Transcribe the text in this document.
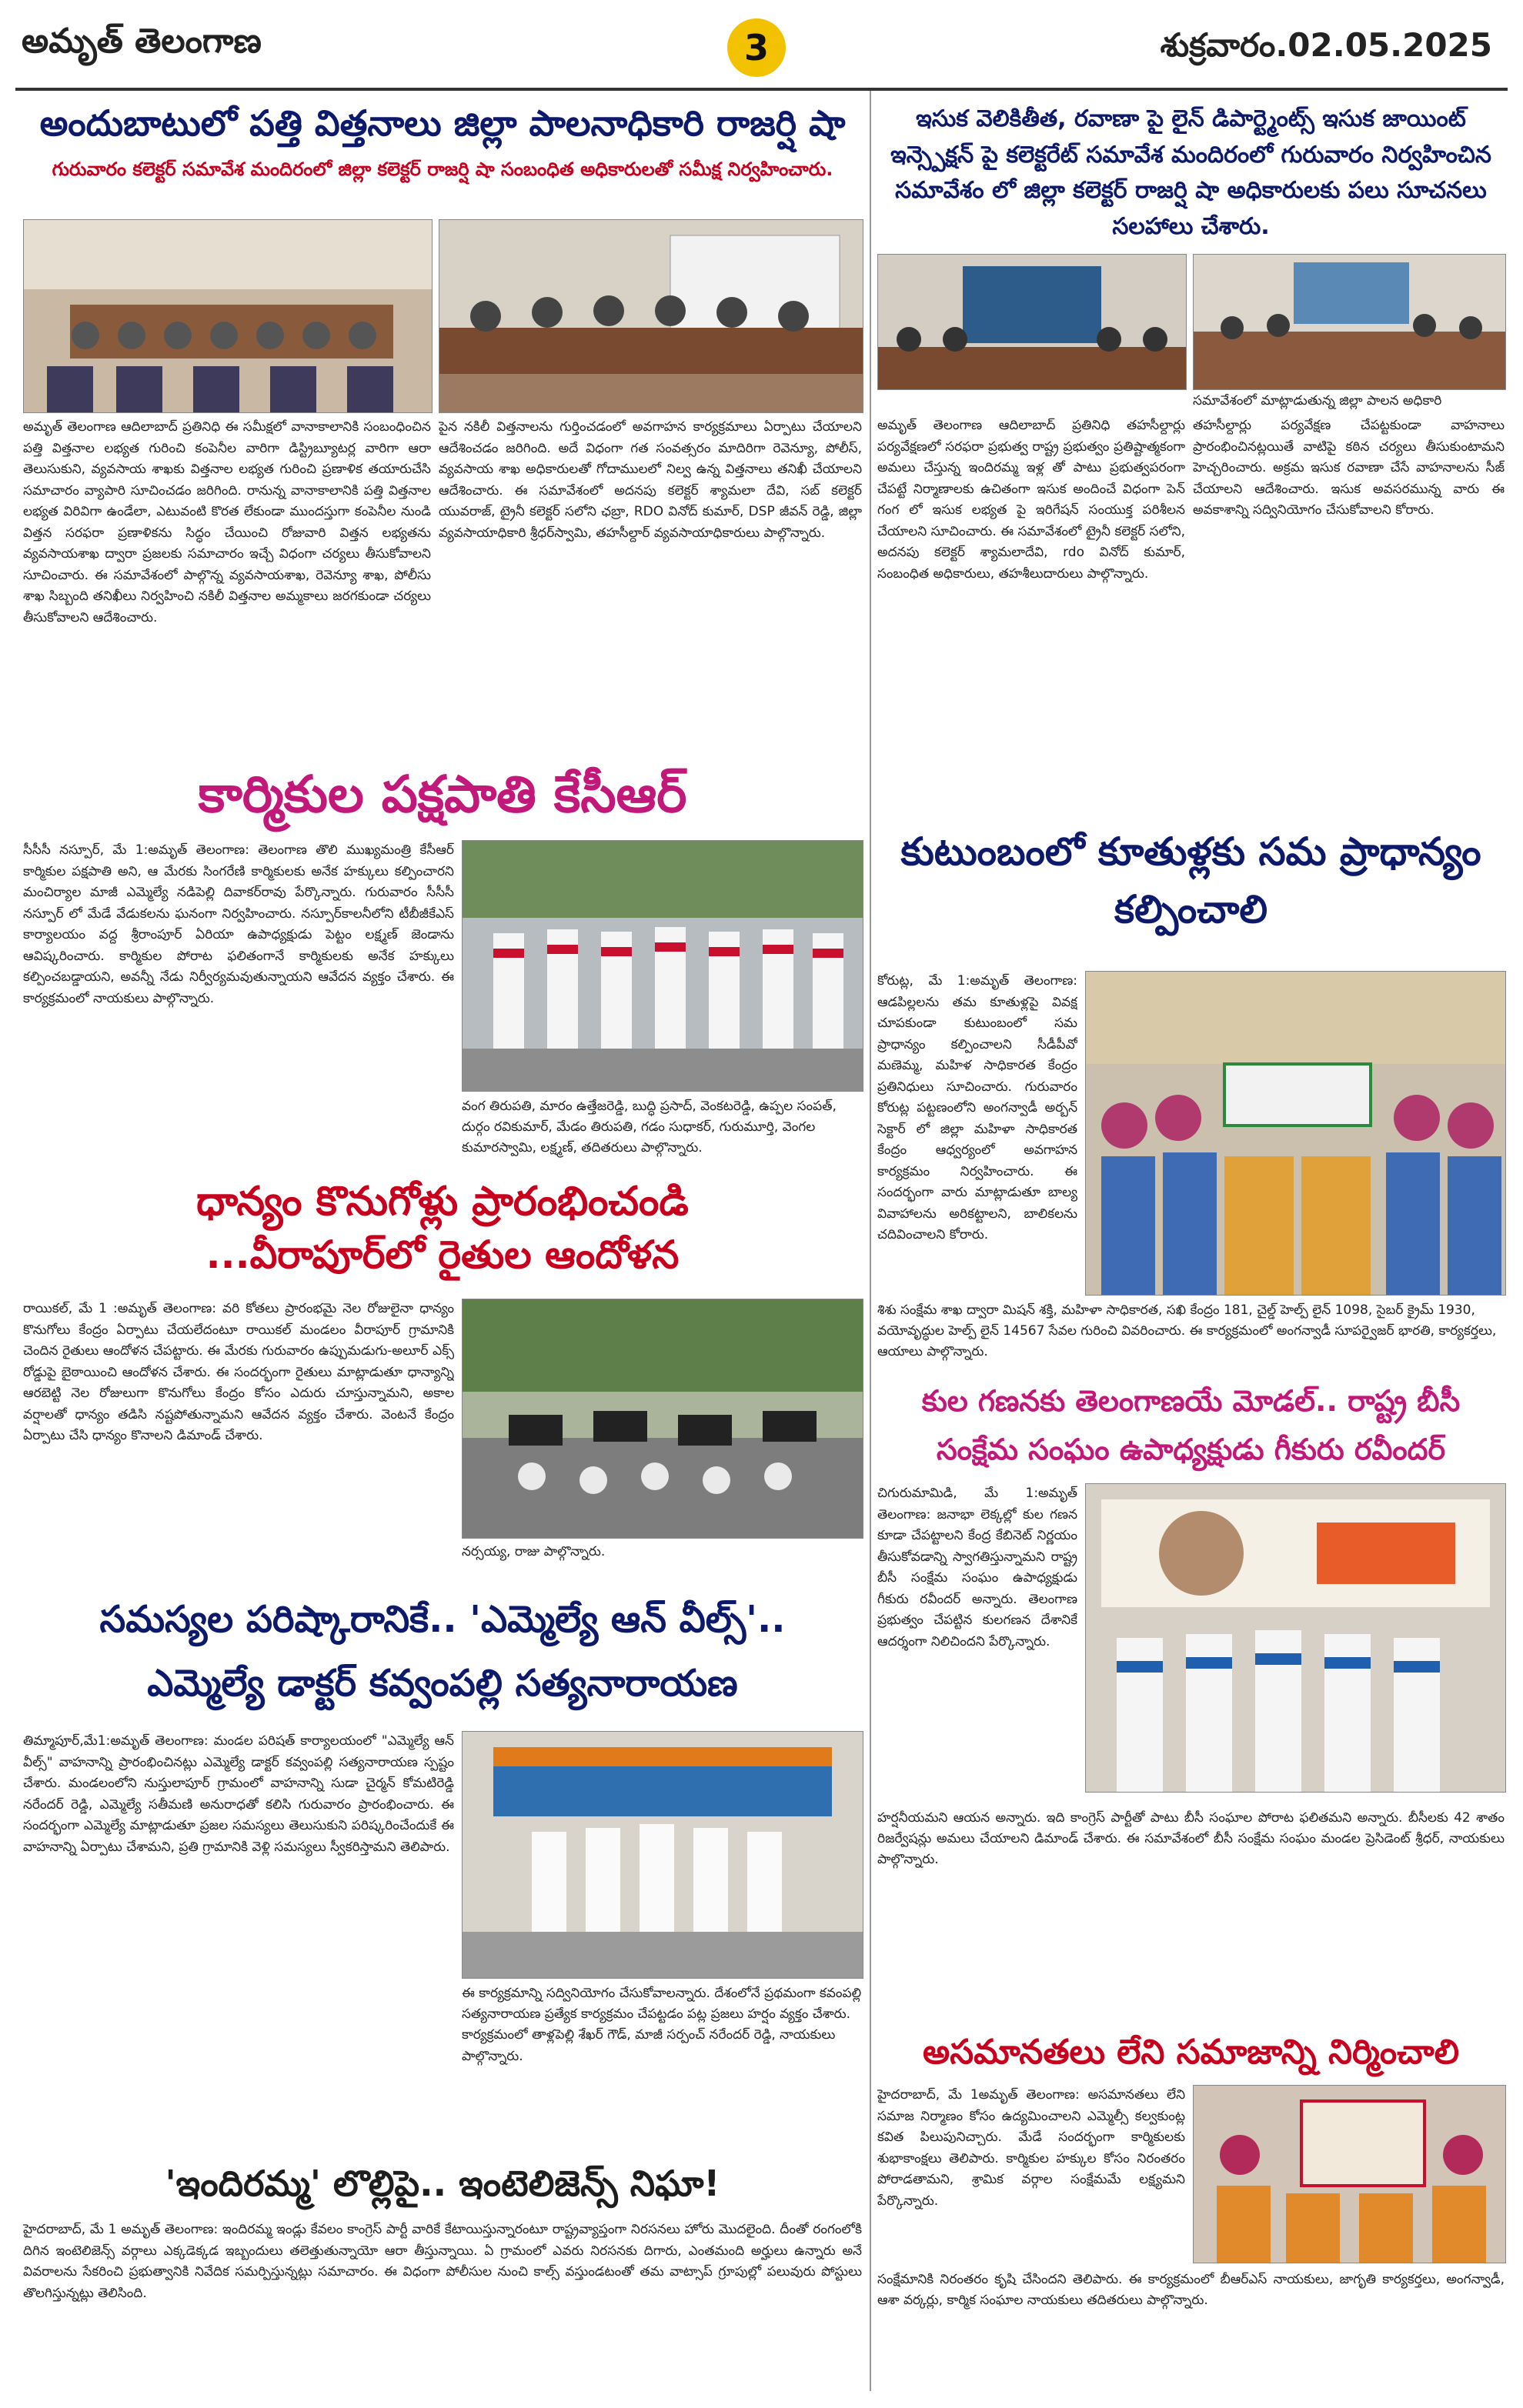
అమృత్ తెలంగాణ	3	శుక్రవారం.02.05.2025
అందుబాటులో పత్తి విత్తనాలు జిల్లా పాలనాధికారి రాజర్షి షా
గురువారం కలెక్టర్ సమావేశ మందిరంలో జిల్లా కలెక్టర్ రాజర్షి షా సంబంధిత అధికారులతో సమీక్ష నిర్వహించారు.
అమృత్ తెలంగాణ ఆదిలాబాద్ ప్రతినిధి ఈ సమీక్షలో వానాకాలానికి సంబంధించిన పత్తి విత్తనాల లభ్యత గురించి కంపెనీల వారిగా డిస్ట్రిబ్యూటర్ల వారిగా ఆరా తెలుసుకుని, వ్యవసాయ శాఖకు విత్తనాల లభ్యత గురించి ప్రణాళిక తయారుచేసి సమాచారం వ్యాపారి సూచించడం జరిగింది. రానున్న వానాకాలానికి పత్తి విత్తనాల లభ్యత విరివిగా ఉండేలా, ఎటువంటి కొరత లేకుండా ముందస్తుగా కంపెనీల నుండి విత్తన సరఫరా ప్రణాళికను సిద్ధం చేయించి రోజువారి విత్తన లభ్యతను వ్యవసాయశాఖ ద్వారా ప్రజలకు సమాచారం ఇచ్చే విధంగా చర్యలు తీసుకోవాలని సూచించారు. ఈ సమావేశంలో పాల్గొన్న వ్యవసాయశాఖ, రెవెన్యూ శాఖ, పోలీసు శాఖ సిబ్బంది తనిఖీలు నిర్వహించి నకిలీ విత్తనాల అమ్మకాలు జరగకుండా చర్యలు తీసుకోవాలని ఆదేశించారు.
పైన నకిలీ విత్తనాలను గుర్తించడంలో అవగాహన కార్యక్రమాలు ఏర్పాటు చేయాలని ఆదేశించడం జరిగింది. అదే విధంగా గత సంవత్సరం మాదిరిగా రెవెన్యూ, పోలీస్, వ్యవసాయ శాఖ అధికారులతో గోదాములలో నిల్వ ఉన్న విత్తనాలు తనిఖీ చేయాలని ఆదేశించారు. ఈ సమావేశంలో అదనపు కలెక్టర్ శ్యామలా దేవి, సబ్ కలెక్టర్ యువరాజ్, ట్రైనీ కలెక్టర్ సలోని ఛబ్రా, RDO వినోద్ కుమార్, DSP జీవన్ రెడ్డి, జిల్లా వ్యవసాయాధికారి శ్రీధర్‌స్వామి, తహసీల్దార్ వ్యవసాయాధికారులు పాల్గొన్నారు.
ఇసుక వెలికితీత, రవాణా పై లైన్ డిపార్ట్మెంట్స్ ఇసుక జాయింట్ ఇన్స్పెక్షన్ పై కలెక్టరేట్ సమావేశ మందిరంలో గురువారం నిర్వహించిన సమావేశం లో జిల్లా కలెక్టర్ రాజర్షి షా అధికారులకు పలు సూచనలు సలహాలు చేశారు.
సమావేశంలో మాట్లాడుతున్న జిల్లా పాలన అధికారి
అమృత్ తెలంగాణ ఆదిలాబాద్ ప్రతినిధి తహసీల్దార్లు పర్యవేక్షణలో సరఫరా ప్రభుత్వ రాష్ట్ర ప్రభుత్వం ప్రతిష్టాత్మకంగా అమలు చేస్తున్న ఇందిరమ్మ ఇళ్ల తో పాటు ప్రభుత్వపరంగా చేపట్టే నిర్మాణాలకు ఉచితంగా ఇసుక అందించే విధంగా పెన్ గంగ లో ఇసుక లభ్యత పై ఇరిగేషన్ సంయుక్త పరిశీలన చేయాలని సూచించారు. ఈ సమావేశంలో ట్రైనీ కలెక్టర్ సలోని, అదనపు కలెక్టర్ శ్యామలాదేవి, rdo వినోద్ కుమార్, సంబంధిత అధికారులు, తహశీలుదారులు పాల్గొన్నారు.
తహసీల్దార్లు పర్యవేక్షణ చేపట్టకుండా వాహనాలు ప్రారంభించినట్లయితే వాటిపై కఠిన చర్యలు తీసుకుంటామని హెచ్చరించారు. అక్రమ ఇసుక రవాణా చేసే వాహనాలను సీజ్ చేయాలని ఆదేశించారు. ఇసుక అవసరమున్న వారు ఈ అవకాశాన్ని సద్వినియోగం చేసుకోవాలని కోరారు.
కార్మికుల పక్షపాతి కేసీఆర్
సీసీసీ నస్పూర్, మే 1:అమృత్ తెలంగాణ: తెలంగాణ తొలి ముఖ్యమంత్రి కేసీఆర్ కార్మికుల పక్షపాతి అని, ఆ మేరకు సింగరేణి కార్మికులకు అనేక హక్కులు కల్పించారని మంచిర్యాల మాజీ ఎమ్మెల్యే నడిపెల్లి దివాకర్‌రావు పేర్కొన్నారు. గురువారం సీసీసీ నస్పూర్ లో మేడే వేడుకలను ఘనంగా నిర్వహించారు. నస్పూర్‌కాలనీలోని టీబీజీకేఎస్ కార్యాలయం వద్ద శ్రీరాంపూర్ ఏరియా ఉపాధ్యక్షుడు పెట్టం లక్ష్మణ్ జెండాను ఆవిష్కరించారు. కార్మికుల పోరాట ఫలితంగానే కార్మికులకు అనేక హక్కులు కల్పించబడ్డాయని, అవన్నీ నేడు నిర్వీర్యమవుతున్నాయని ఆవేదన వ్యక్తం చేశారు. ఈ కార్యక్రమంలో నాయకులు పాల్గొన్నారు.
వంగ తిరుపతి, మారం ఉత్తేజరెడ్డి, బుద్ధి ప్రసాద్, వెంకటరెడ్డి, ఉప్పల సంపత్, దుర్గం రవికుమార్, మేడం తిరుపతి, గడం సుధాకర్, గురుమూర్తి, వెంగల కుమారస్వామి, లక్ష్మణ్, తదితరులు పాల్గొన్నారు.
ధాన్యం కొనుగోళ్లు ప్రారంభించండి
...వీరాపూర్‌లో రైతుల ఆందోళన
రాయికల్, మే 1 :అమృత్ తెలంగాణ: వరి కోతలు ప్రారంభమై నెల రోజులైనా ధాన్యం కొనుగోలు కేంద్రం ఏర్పాటు చేయలేదంటూ రాయికల్ మండలం వీరాపూర్ గ్రామానికి చెందిన రైతులు ఆందోళన చేపట్టారు. ఈ మేరకు గురువారం ఉప్పుమడుగు-అలూర్ ఎక్స్ రోడ్డుపై బైఠాయించి ఆందోళన చేశారు. ఈ సందర్భంగా రైతులు మాట్లాడుతూ ధాన్యాన్ని ఆరబెట్టి నెల రోజులుగా కొనుగోలు కేంద్రం కోసం ఎదురు చూస్తున్నామని, అకాల వర్షాలతో ధాన్యం తడిసి నష్టపోతున్నామని ఆవేదన వ్యక్తం చేశారు. వెంటనే కేంద్రం ఏర్పాటు చేసి ధాన్యం కొనాలని డిమాండ్ చేశారు.
నర్సయ్య, రాజు పాల్గొన్నారు.
సమస్యల పరిష్కారానికే.. 'ఎమ్మెల్యే ఆన్ వీల్స్'..
ఎమ్మెల్యే డాక్టర్ కవ్వంపల్లి సత్యనారాయణ
తిమ్మాపూర్,మే1:అమృత్ తెలంగాణ: మండల పరిషత్ కార్యాలయంలో "ఎమ్మెల్యే ఆన్ వీల్స్" వాహనాన్ని ప్రారంభించినట్లు ఎమ్మెల్యే డాక్టర్ కవ్వంపల్లి సత్యనారాయణ స్పష్టం చేశారు. మండలంలోని నుస్తులాపూర్ గ్రామంలో వాహనాన్ని సుడా చైర్మన్ కోమటిరెడ్డి నరేందర్ రెడ్డి, ఎమ్మెల్యే సతీమణి అనురాధతో కలిసి గురువారం ప్రారంభించారు. ఈ సందర్భంగా ఎమ్మెల్యే మాట్లాడుతూ ప్రజల సమస్యలు తెలుసుకుని పరిష్కరించేందుకే ఈ వాహనాన్ని ఏర్పాటు చేశామని, ప్రతి గ్రామానికి వెళ్లి సమస్యలు స్వీకరిస్తామని తెలిపారు.
ఈ కార్యక్రమాన్ని సద్వినియోగం చేసుకోవాలన్నారు. దేశంలోనే ప్రథమంగా కవంపల్లి సత్యనారాయణ ప్రత్యేక కార్యక్రమం చేపట్టడం పట్ల ప్రజలు హర్షం వ్యక్తం చేశారు. కార్యక్రమంలో తాళ్లపెల్లి శేఖర్ గౌడ్, మాజీ సర్పంచ్ నరేందర్ రెడ్డి, నాయకులు పాల్గొన్నారు.
'ఇందిరమ్మ' లొల్లిపై.. ఇంటెలిజెన్స్ నిఘా!
హైదరాబాద్, మే 1 అమృత్ తెలంగాణ: ఇందిరమ్మ ఇండ్లు కేవలం కాంగ్రెస్ పార్టీ వారికే కేటాయిస్తున్నారంటూ రాష్ట్రవ్యాప్తంగా నిరసనలు హోరు మొదలైంది. దీంతో రంగంలోకి దిగిన ఇంటెలిజెన్స్ వర్గాలు ఎక్కడెక్కడ ఇబ్బందులు తలెత్తుతున్నాయో ఆరా తీస్తున్నాయి. ఏ గ్రామంలో ఎవరు నిరసనకు దిగారు, ఎంతమంది అర్హులు ఉన్నారు అనే వివరాలను సేకరించి ప్రభుత్వానికి నివేదిక సమర్పిస్తున్నట్లు సమాచారం. ఈ విధంగా పోలీసుల నుంచి కాల్స్ వస్తుండటంతో తమ వాట్సాప్ గ్రూపుల్లో పలువురు పోస్టులు తొలగిస్తున్నట్లు తెలిసింది.
కుటుంబంలో కూతుళ్లకు సమ ప్రాధాన్యం కల్పించాలి
కోరుట్ల, మే 1:అమృత్ తెలంగాణ: ఆడపిల్లలను తమ కూతుళ్లపై వివక్ష చూపకుండా కుటుంబంలో సమ ప్రాధాన్యం కల్పించాలని సీడీపీవో మణెమ్మ, మహిళ సాధికారత కేంద్రం ప్రతినిధులు సూచించారు. గురువారం కోరుట్ల పట్టణంలోని అంగన్వాడీ అర్బన్ సెక్టార్ లో జిల్లా మహిళా సాధికారత కేంద్రం ఆధ్వర్యంలో అవగాహన కార్యక్రమం నిర్వహించారు. ఈ సందర్భంగా వారు మాట్లాడుతూ బాల్య వివాహాలను అరికట్టాలని, బాలికలను చదివించాలని కోరారు.
శిశు సంక్షేమ శాఖ ద్వారా మిషన్ శక్తి, మహిళా సాధికారత, సఖి కేంద్రం 181, చైల్డ్ హెల్ప్ లైన్ 1098, సైబర్ క్రైమ్ 1930, వయోవృద్ధుల హెల్ప్ లైన్ 14567 సేవల గురించి వివరించారు. ఈ కార్యక్రమంలో అంగన్వాడీ సూపర్వైజర్ భారతి, కార్యకర్తలు, ఆయాలు పాల్గొన్నారు.
కుల గణనకు తెలంగాణయే మోడల్.. రాష్ట్ర బీసీ సంక్షేమ సంఘం ఉపాధ్యక్షుడు గీకురు రవీందర్
చిగురుమామిడి, మే 1:అమృత్ తెలంగాణ: జనాభా లెక్కల్లో కుల గణన కూడా చేపట్టాలని కేంద్ర కేబినెట్ నిర్ణయం తీసుకోవడాన్ని స్వాగతిస్తున్నామని రాష్ట్ర బీసీ సంక్షేమ సంఘం ఉపాధ్యక్షుడు గీకురు రవీందర్ అన్నారు. తెలంగాణ ప్రభుత్వం చేపట్టిన కులగణన దేశానికే ఆదర్శంగా నిలిచిందని పేర్కొన్నారు.
హర్షనీయమని ఆయన అన్నారు. ఇది కాంగ్రెస్ పార్టీతో పాటు బీసీ సంఘాల పోరాట ఫలితమని అన్నారు. బీసీలకు 42 శాతం రిజర్వేషన్లు అమలు చేయాలని డిమాండ్ చేశారు. ఈ సమావేశంలో బీసీ సంక్షేమ సంఘం మండల ప్రెసిడెంట్ శ్రీధర్, నాయకులు పాల్గొన్నారు.
అసమానతలు లేని సమాజాన్ని నిర్మించాలి
హైదరాబాద్, మే 1అమృత్ తెలంగాణ: అసమానతలు లేని సమాజ నిర్మాణం కోసం ఉద్యమించాలని ఎమ్మెల్సీ కల్వకుంట్ల కవిత పిలుపునిచ్చారు. మేడే సందర్భంగా కార్మికులకు శుభాకాంక్షలు తెలిపారు. కార్మికుల హక్కుల కోసం నిరంతరం పోరాడతామని, శ్రామిక వర్గాల సంక్షేమమే లక్ష్యమని పేర్కొన్నారు.
సంక్షేమానికి నిరంతరం కృషి చేసిందని తెలిపారు. ఈ కార్యక్రమంలో బీఆర్ఎస్ నాయకులు, జాగృతి కార్యకర్తలు, అంగన్వాడీ, ఆశా వర్కర్లు, కార్మిక సంఘాల నాయకులు తదితరులు పాల్గొన్నారు.
